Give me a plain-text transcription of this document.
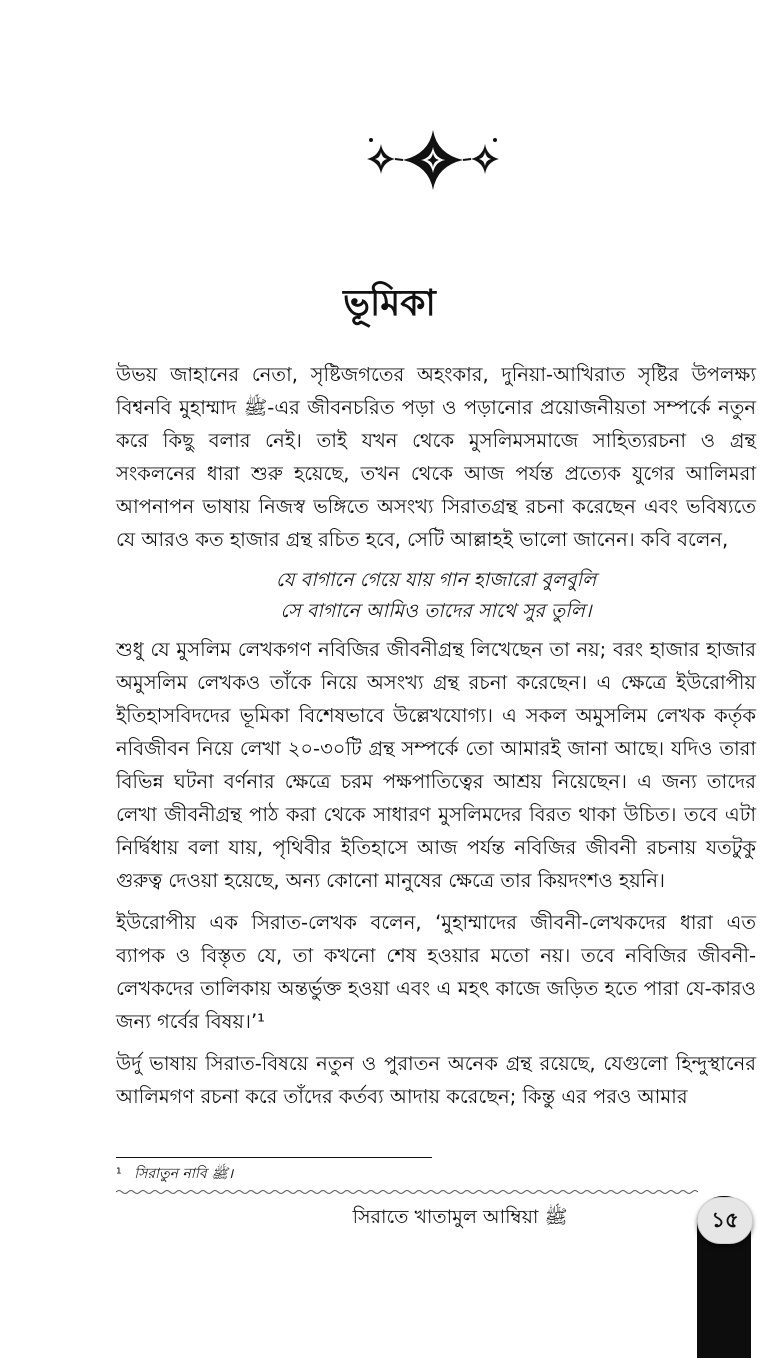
ভূমিকা

উভয় জাহানের নেতা, সৃষ্টিজগতের অহংকার, দুনিয়া-আখিরাত সৃষ্টির উপলক্ষ্য বিশ্বনবি মুহাম্মাদ ﷺ-এর জীবনচরিত পড়া ও পড়ানোর প্রয়োজনীয়তা সম্পর্কে নতুন করে কিছু বলার নেই। তাই যখন থেকে মুসলিমসমাজে সাহিত্যরচনা ও গ্রন্থ সংকলনের ধারা শুরু হয়েছে, তখন থেকে আজ পর্যন্ত প্রত্যেক যুগের আলিমরা আপনাপন ভাষায় নিজস্ব ভঙ্গিতে অসংখ্য সিরাতগ্রন্থ রচনা করেছেন এবং ভবিষ্যতে যে আরও কত হাজার গ্রন্থ রচিত হবে, সেটি আল্লাহই ভালো জানেন। কবি বলেন,

যে বাগানে গেয়ে যায় গান হাজারো বুলবুলি
সে বাগানে আমিও তাদের সাথে সুর তুলি।

শুধু যে মুসলিম লেখকগণ নবিজির জীবনীগ্রন্থ লিখেছেন তা নয়; বরং হাজার হাজার অমুসলিম লেখকও তাঁকে নিয়ে অসংখ্য গ্রন্থ রচনা করেছেন। এ ক্ষেত্রে ইউরোপীয় ইতিহাসবিদদের ভূমিকা বিশেষভাবে উল্লেখযোগ্য। এ সকল অমুসলিম লেখক কর্তৃক নবিজীবন নিয়ে লেখা ২০-৩০টি গ্রন্থ সম্পর্কে তো আমারই জানা আছে। যদিও তারা বিভিন্ন ঘটনা বর্ণনার ক্ষেত্রে চরম পক্ষপাতিত্বের আশ্রয় নিয়েছেন। এ জন্য তাদের লেখা জীবনীগ্রন্থ পাঠ করা থেকে সাধারণ মুসলিমদের বিরত থাকা উচিত। তবে এটা নির্দ্বিধায় বলা যায়, পৃথিবীর ইতিহাসে আজ পর্যন্ত নবিজির জীবনী রচনায় যতটুকু গুরুত্ব দেওয়া হয়েছে, অন্য কোনো মানুষের ক্ষেত্রে তার কিয়দংশও হয়নি।

ইউরোপীয় এক সিরাত-লেখক বলেন, ‘মুহাম্মাদের জীবনী-লেখকদের ধারা এত ব্যাপক ও বিস্তৃত যে, তা কখনো শেষ হওয়ার মতো নয়। তবে নবিজির জীবনী-লেখকদের তালিকায় অন্তর্ভুক্ত হওয়া এবং এ মহৎ কাজে জড়িত হতে পারা যে-কারও জন্য গর্বের বিষয়।’¹

উর্দু ভাষায় সিরাত-বিষয়ে নতুন ও পুরাতন অনেক গ্রন্থ রয়েছে, যেগুলো হিন্দুস্থানের আলিমগণ রচনা করে তাঁদের কর্তব্য আদায় করেছেন; কিন্তু এর পরও আমার

¹ সিরাতুন নাবি ﷺ।
সিরাতে খাতামুল আম্বিয়া ﷺ	১৫
